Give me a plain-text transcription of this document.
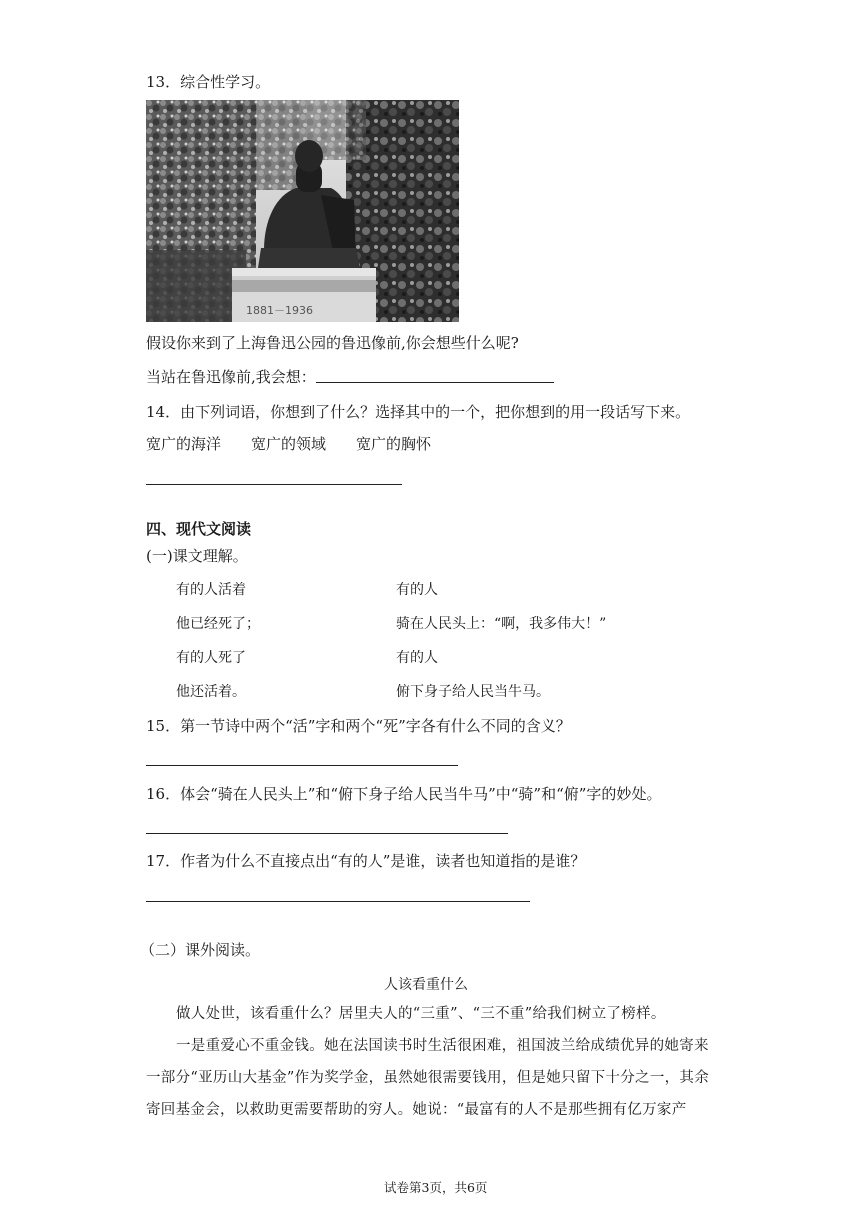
13．综合性学习。
1881－1936
假设你来到了上海鲁迅公园的鲁迅像前,你会想些什么呢?
当站在鲁迅像前,我会想：
14．由下列词语，你想到了什么？选择其中的一个，把你想到的用一段话写下来。
宽广的海洋 宽广的领域 宽广的胸怀
四、现代文阅读
(一)课文理解。
有的人活着
他已经死了；
有的人死了
他还活着。
有的人
骑在人民头上：“啊，我多伟大！”
有的人
俯下身子给人民当牛马。
15．第一节诗中两个“活”字和两个“死”字各有什么不同的含义？
16．体会“骑在人民头上”和“俯下身子给人民当牛马”中“骑”和“俯”字的妙处。
17．作者为什么不直接点出“有的人”是谁，读者也知道指的是谁？
（二）课外阅读。
人该看重什么
做人处世，该看重什么？居里夫人的“三重”、“三不重”给我们树立了榜样。
一是重爱心不重金钱。她在法国读书时生活很困难，祖国波兰给成绩优异的她寄来一部分“亚历山大基金”作为奖学金，虽然她很需要钱用，但是她只留下十分之一，其余寄回基金会，以救助更需要帮助的穷人。她说：“最富有的人不是那些拥有亿万家产
试卷第3页，共6页
